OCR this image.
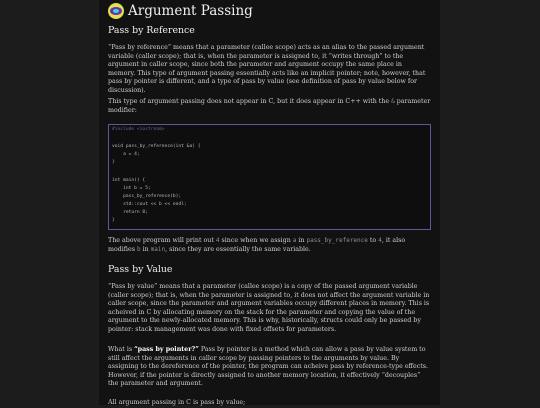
Argument Passing
Pass by Reference

“Pass by reference” means that a parameter (callee scope) acts as an alias to the passed argument variable (caller scope); that is, when the parameter is assigned to, it “writes through” to the argument in caller scope, since both the parameter and argument occupy the same place in memory. This type of argument passing essentially acts like an implicit pointer; note, however, that pass by pointer is different, and a type of pass by value (see definition of pass by value below for discussion).

This type of argument passing does not appear in C, but it does appear in C++ with the & parameter modifier:

#include <iostream>
void pass_by_reference(int &a) {
a = 4;
}
int main() {
int b = 5;
pass_by_reference(b);
std::cout << b << endl;
return 0;
}

The above program will print out 4 since when we assign a in pass_by_reference to 4, it also modifies b in main, since they are essentially the same variable.

Pass by Value

“Pass by value” means that a parameter (callee scope) is a copy of the passed argument variable (caller scope); that is, when the parameter is assigned to, it does not affect the argument variable in caller scope, since the parameter and argument variables occupy different places in memory. This is acheived in C by allocating memory on the stack for the parameter and copying the value of the argument to the newly-allocated memory. This is why, historically, structs could only be passed by pointer: stack management was done with fixed offsets for parameters.

What is “pass by pointer?” Pass by pointer is a method which can allow a pass by value system to still affect the arguments in caller scope by passing pointers to the arguments by value. By assigning to the dereference of the pointer, the program can acheive pass by reference-type effects. However, if the pointer is directly assigned to another memory location, it effectively “decouples” the parameter and argument.

All argument passing in C is pass by value;
